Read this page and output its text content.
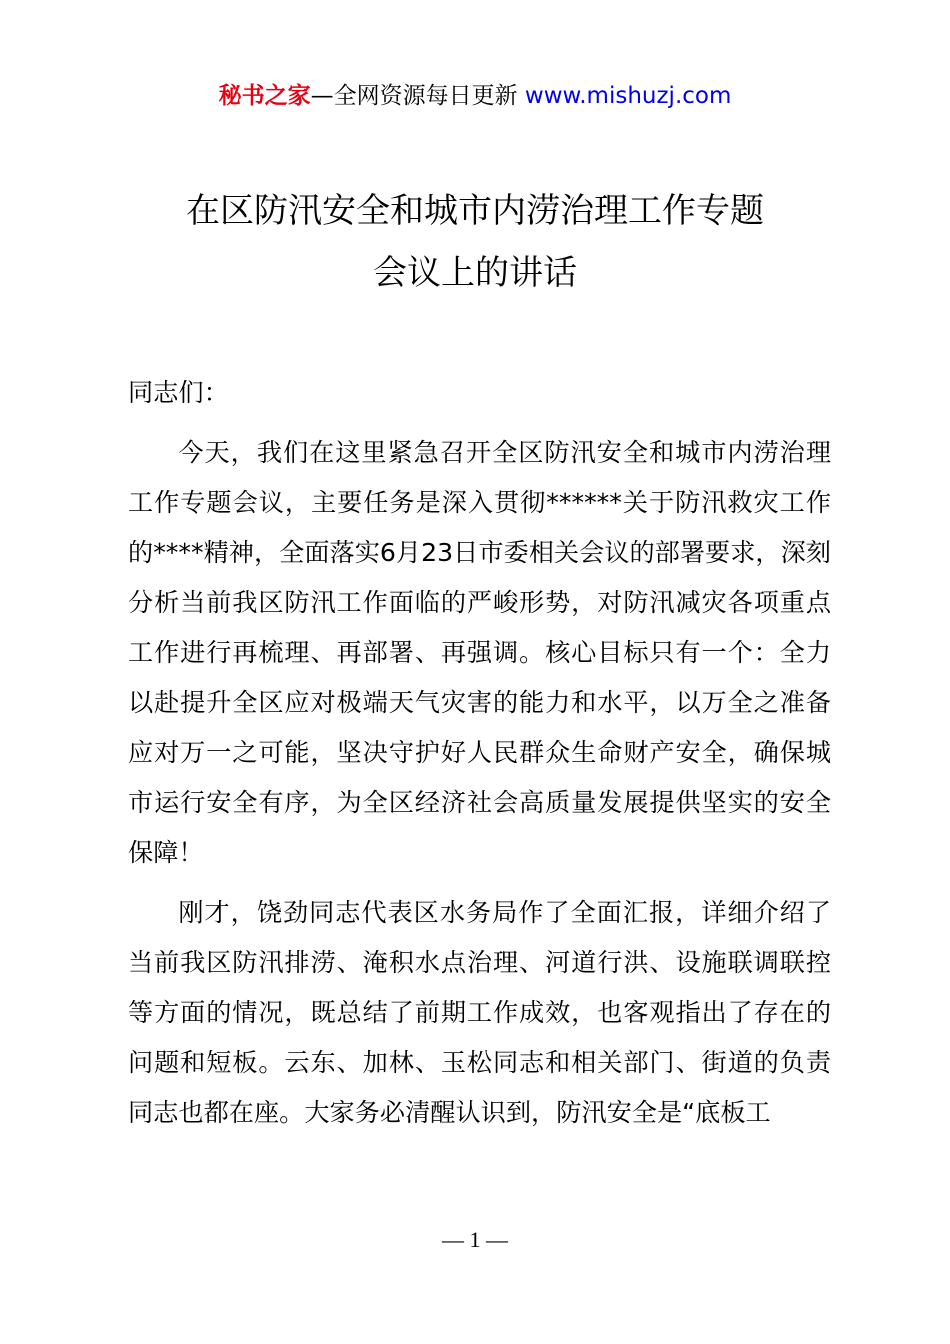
秘书之家—全网资源每日更新 www.mishuzj.com
在区防汛安全和城市内涝治理工作专题
会议上的讲话

同志们：

今天，我们在这里紧急召开全区防汛安全和城市内涝治理工作专题会议，主要任务是深入贯彻******关于防汛救灾工作的****精神，全面落实6月23日市委相关会议的部署要求，深刻分析当前我区防汛工作面临的严峻形势，对防汛减灾各项重点工作进行再梳理、再部署、再强调。核心目标只有一个：全力以赴提升全区应对极端天气灾害的能力和水平，以万全之准备应对万一之可能，坚决守护好人民群众生命财产安全，确保城市运行安全有序，为全区经济社会高质量发展提供坚实的安全保障！

刚才，饶劲同志代表区水务局作了全面汇报，详细介绍了当前我区防汛排涝、淹积水点治理、河道行洪、设施联调联控等方面的情况，既总结了前期工作成效，也客观指出了存在的问题和短板。云东、加林、玉松同志和相关部门、街道的负责同志也都在座。大家务必清醒认识到，防汛安全是“底板工

— 1 —
